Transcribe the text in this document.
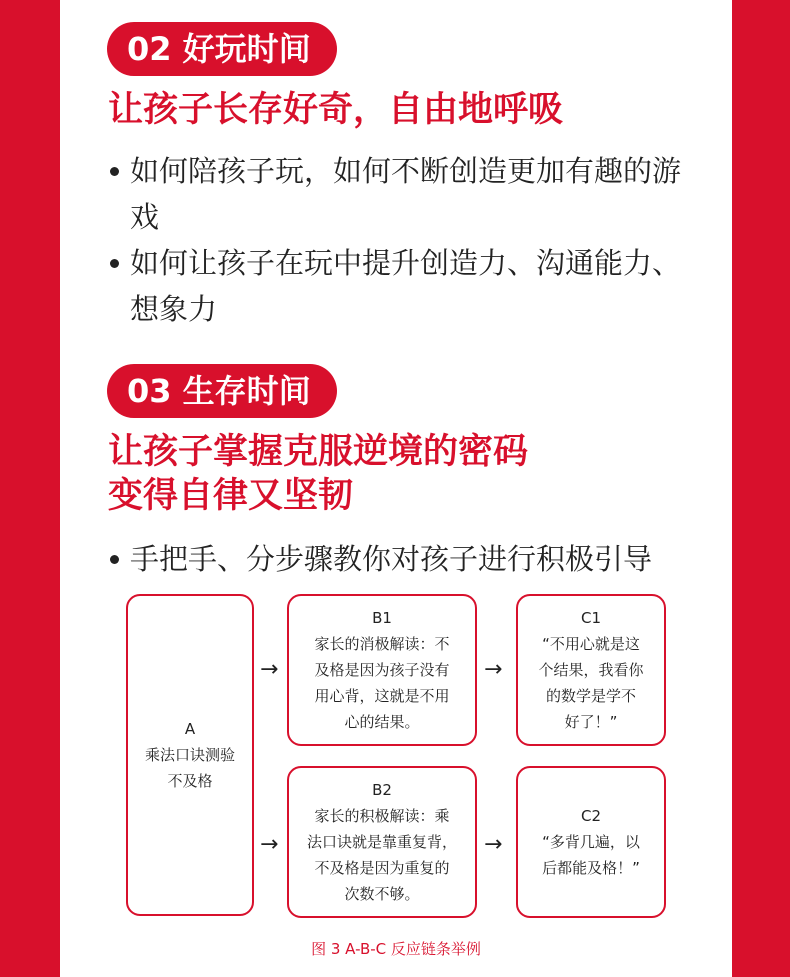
02 好玩时间
让孩子长存好奇，自由地呼吸
如何陪孩子玩，如何不断创造更加有趣的游戏
如何让孩子在玩中提升创造力、沟通能力、想象力
03 生存时间
让孩子掌握克服逆境的密码
变得自律又坚韧
手把手、分步骤教你对孩子进行积极引导
A
乘法口诀测验
不及格
→
→
B1
家长的消极解读：不
及格是因为孩子没有
用心背，这就是不用
心的结果。
B2
家长的积极解读：乘
法口诀就是靠重复背，
不及格是因为重复的
次数不够。
→
→
C1
“不用心就是这
个结果，我看你
的数学是学不
好了！”
C2
“多背几遍，以
后都能及格！”
图 3 A-B-C 反应链条举例
